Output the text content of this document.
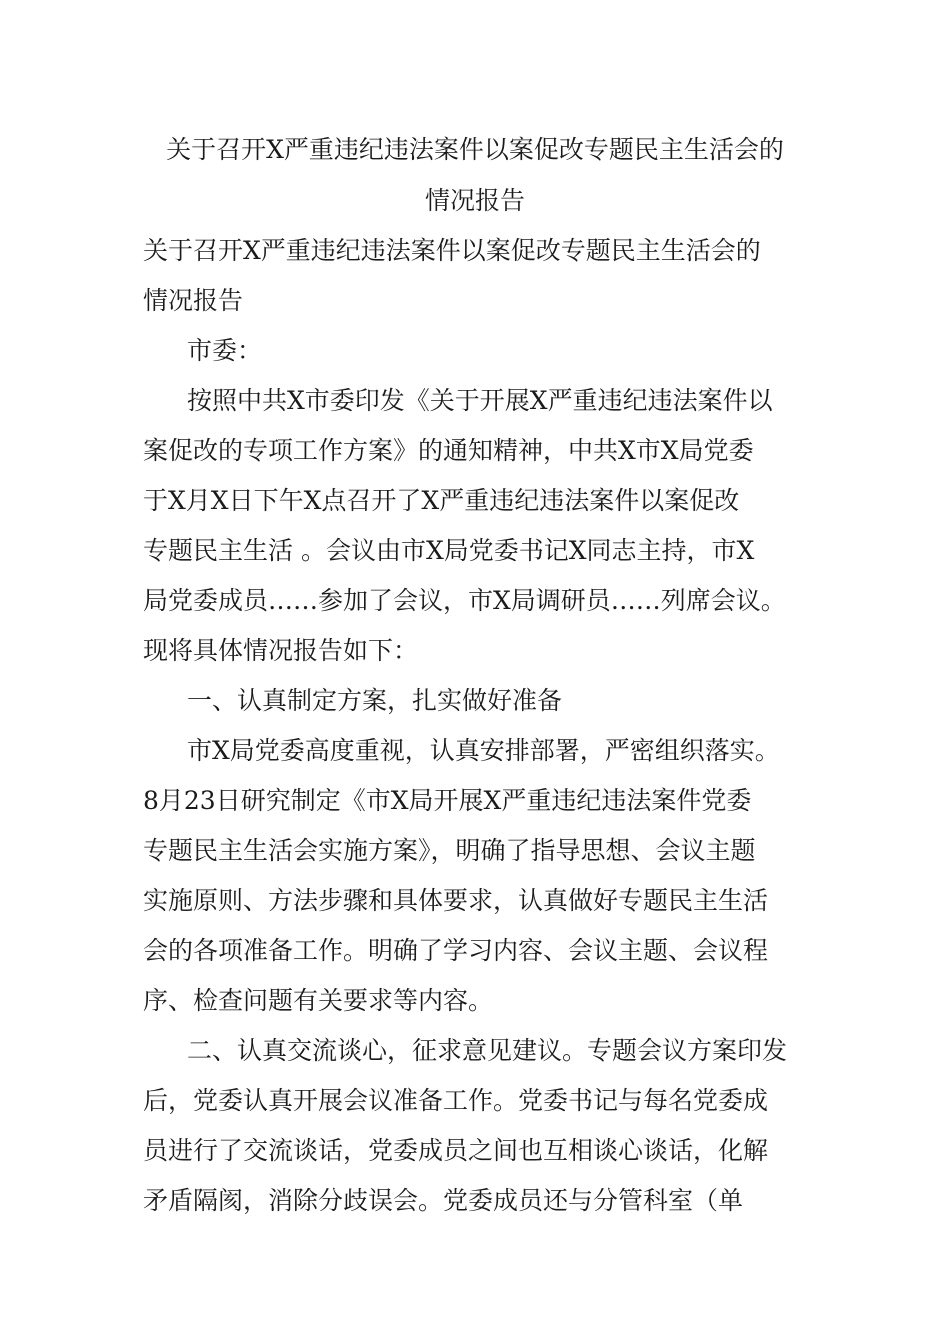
关于召开X严重违纪违法案件以案促改专题民主生活会的
情况报告
关于召开X严重违纪违法案件以案促改专题民主生活会的
情况报告
市委：
按照中共X市委印发《关于开展X严重违纪违法案件以
案促改的专项工作方案》的通知精神，中共X市X局党委
于X月X日下午X点召开了X严重违纪违法案件以案促改
专题民主生活 。会议由市X局党委书记X同志主持，市X
局党委成员……参加了会议，市X局调研员……列席会议。
现将具体情况报告如下：
一、认真制定方案，扎实做好准备
市X局党委高度重视，认真安排部署，严密组织落实。
8月23日研究制定《市X局开展X严重违纪违法案件党委
专题民主生活会实施方案》，明确了指导思想、会议主题
实施原则、方法步骤和具体要求，认真做好专题民主生活
会的各项准备工作。明确了学习内容、会议主题、会议程
序、检查问题有关要求等内容。
二、认真交流谈心，征求意见建议。专题会议方案印发
后，党委认真开展会议准备工作。党委书记与每名党委成
员进行了交流谈话，党委成员之间也互相谈心谈话，化解
矛盾隔阂，消除分歧误会。党委成员还与分管科室（单
